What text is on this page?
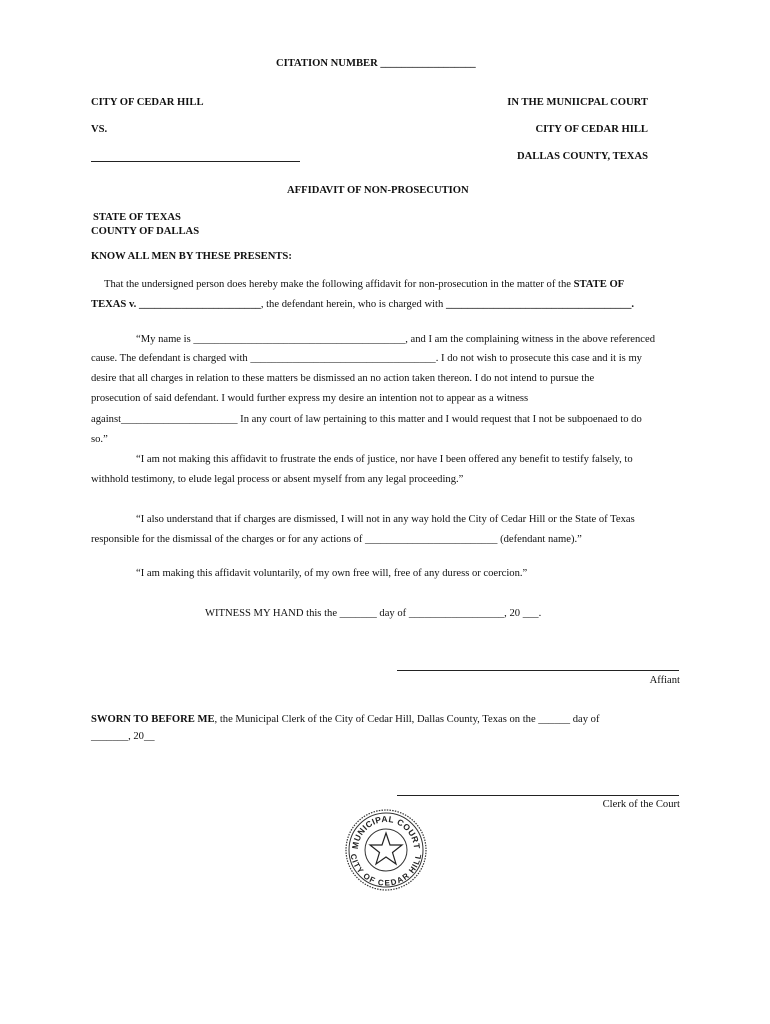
CITATION NUMBER __________________
CITY OF CEDAR HILL	IN THE MUNIICPAL COURT
VS.	CITY OF CEDAR HILL
DALLAS COUNTY, TEXAS
AFFIDAVIT OF NON-PROSECUTION
STATE OF TEXAS
COUNTY OF DALLAS
KNOW ALL MEN BY THESE PRESENTS:
That the undersigned person does hereby make the following affidavit for non-prosecution in the matter of the STATE OF
TEXAS v. _______________________, the defendant herein, who is charged with ___________________________________.
“My name is ________________________________________, and I am the complaining witness in the above referenced
cause. The defendant is charged with ___________________________________. I do not wish to prosecute this case and it is my
desire that all charges in relation to these matters be dismissed an no action taken thereon. I do not intend to pursue the
prosecution of said defendant. I would further express my desire an intention not to appear as a witness
against______________________ In any court of law pertaining to this matter and I would request that I not be subpoenaed to do
so.”
“I am not making this affidavit to frustrate the ends of justice, nor have I been offered any benefit to testify falsely, to
withhold testimony, to elude legal process or absent myself from any legal proceeding.”
“I also understand that if charges are dismissed, I will not in any way hold the City of Cedar Hill or the State of Texas
responsible for the dismissal of the charges or for any actions of _________________________ (defendant name).”
“I am making this affidavit voluntarily, of my own free will, free of any duress or coercion.”
WITNESS MY HAND this the _______ day of __________________, 20 ___.
Affiant
SWORN TO BEFORE ME, the Municipal Clerk of the City of Cedar Hill, Dallas County, Texas on the ______ day of
_______, 20__
Clerk of the Court
MUNICIPAL COURT
CITY OF CEDAR HILL
